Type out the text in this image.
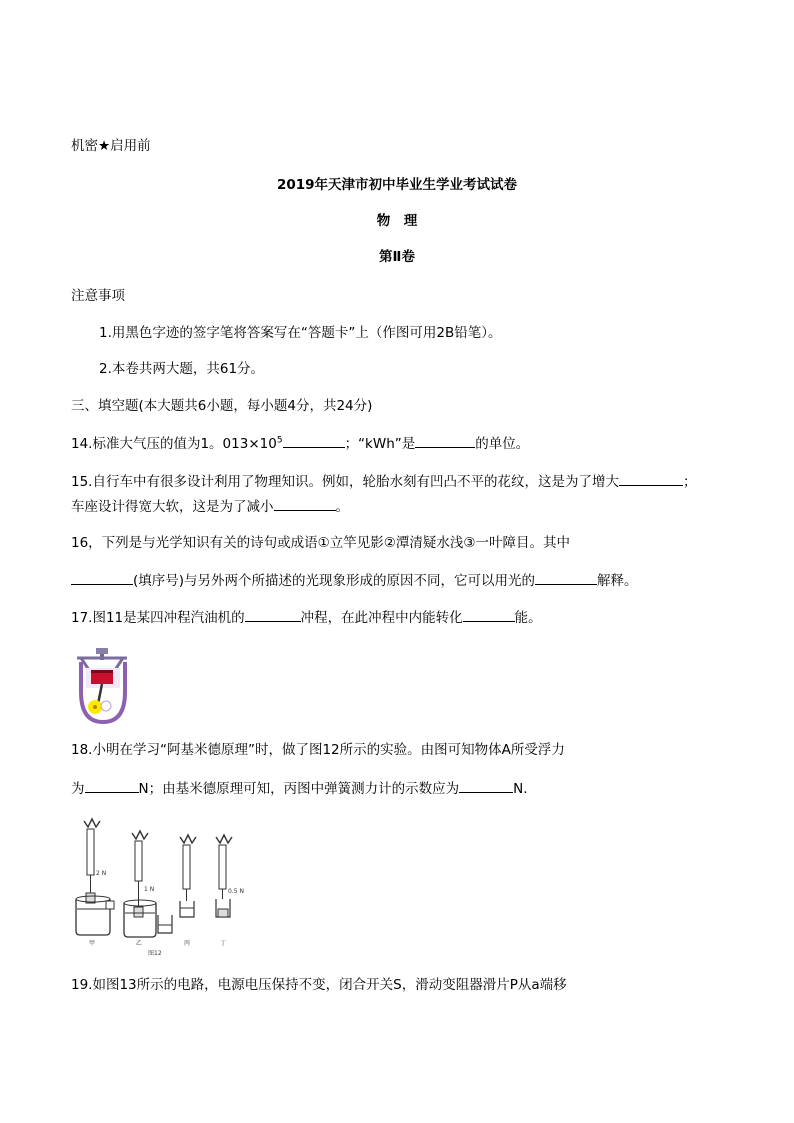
机密★启用前
2019年天津市初中毕业生学业考试试卷
物　理
第Ⅱ卷
注意事项
1.用黑色字迹的签字笔将答案写在“答题卡”上（作图可用2B铅笔）。
2.本卷共两大题，共61分。
三、填空题(本大题共6小题，每小题4分，共24分)
14.标准大气压的值为1。$013\times 10^5$	；“kWh”是	的单位。
15.自行车中有很多设计利用了物理知识。例如，轮胎水刻有凹凸不平的花纹，这是为了增大	；
车座设计得宽大软，这是为了减小	。
16，下列是与光学知识有关的诗句或成语①立竿见影②潭清疑水浅③一叶障目。其中
(填序号)与另外两个所描述的光现象形成的原因不同，它可以用光的	解释。
17.图11是某四冲程汽油机的	冲程，在此冲程中内能转化	能。
18.小明在学习“阿基米德原理”时，做了图12所示的实验。由图可知物体A所受浮力
为	N；由基米德原理可知，丙图中弹簧测力计的示数应为	N.
2 N
1 N	0.5 N
甲	乙	丙	丁
图12
19.如图13所示的电路，电源电压保持不变，闭合开关S，滑动变阻器滑片P从a端移
